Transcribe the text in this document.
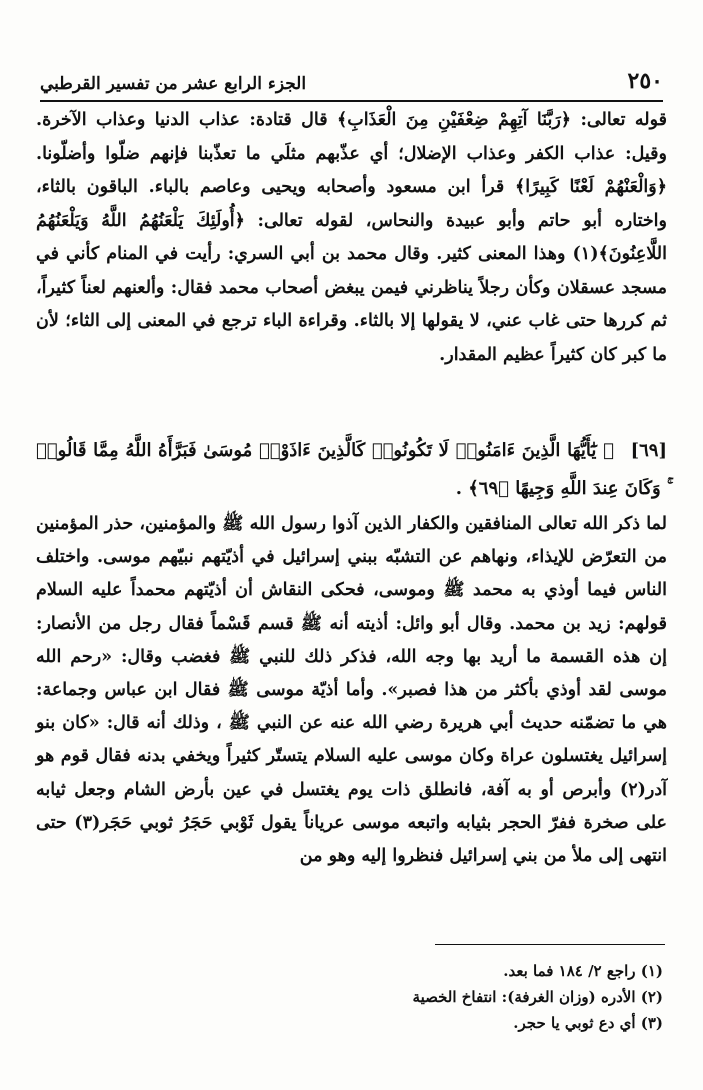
٢٥٠
الجزء الرابع عشر من تفسير القرطبي

قوله تعالى: ﴿رَبَّنَا آتِهِمْ ضِعْفَيْنِ مِنَ الْعَذَابِ﴾ قال قتادة: عذاب الدنيا وعذاب الآخرة. وقيل: عذاب الكفر وعذاب الإضلال؛ أي عذّبهم مثلَي ما تعذّبنا فإنهم ضلّوا وأضلّونا. ﴿وَالْعَنْهُمْ لَعْنًا كَبِيرًا﴾ قرأ ابن مسعود وأصحابه ويحيى وعاصم بالباء. الباقون بالثاء، واختاره أبو حاتم وأبو عبيدة والنحاس، لقوله تعالى: ﴿أُولَئِكَ يَلْعَنُهُمُ اللَّهُ وَيَلْعَنُهُمُ اللَّاعِنُونَ﴾(١) وهذا المعنى كثير. وقال محمد بن أبي السري: رأيت في المنام كأني في مسجد عسقلان وكأن رجلاً يناظرني فيمن يبغض أصحاب محمد فقال: وألعنهم لعناً كثيراً، ثم كررها حتى غاب عني، لا يقولها إلا بالثاء. وقراءة الباء ترجع في المعنى إلى الثاء؛ لأن ما كبر كان كثيراً عظيم المقدار.

[٦٩] ﴿ يَٰٓأَيُّهَا الَّذِينَ ءَامَنُوا۟ لَا تَكُونُوا۟ كَالَّذِينَ ءَاذَوْا۟ مُوسَىٰ فَبَرَّأَهُ اللَّهُ مِمَّا قَالُوا۟ ۚ وَكَانَ عِندَ اللَّهِ وَجِيهًا ﴿٦٩﴾ .

لما ذكر الله تعالى المنافقين والكفار الذين آذوا رسول الله ﷺ والمؤمنين، حذر المؤمنين من التعرّض للإيذاء، ونهاهم عن التشبّه ببني إسرائيل في أذيّتهم نبيّهم موسى. واختلف الناس فيما أوذي به محمد ﷺ وموسى، فحكى النقاش أن أذيّتهم محمداً عليه السلام قولهم: زيد بن محمد. وقال أبو وائل: أذيته أنه ﷺ قسم قَسْماً فقال رجل من الأنصار: إن هذه القسمة ما أريد بها وجه الله، فذكر ذلك للنبي ﷺ فغضب وقال: «رحم الله موسى لقد أوذي بأكثر من هذا فصبر». وأما أذيّة موسى ﷺ فقال ابن عباس وجماعة: هي ما تضمّنه حديث أبي هريرة رضي الله عنه عن النبي ﷺ ، وذلك أنه قال: «كان بنو إسرائيل يغتسلون عراة وكان موسى عليه السلام يتستّر كثيراً ويخفي بدنه فقال قوم هو آدر(٢) وأبرص أو به آفة، فانطلق ذات يوم يغتسل في عين بأرض الشام وجعل ثيابه على صخرة ففرّ الحجر بثيابه واتبعه موسى عرياناً يقول ثَوْبي حَجَرُ ثوبي حَجَر(٣) حتى انتهى إلى ملأ من بني إسرائيل فنظروا إليه وهو من

(١) راجع ٢/ ١٨٤ فما بعد.
(٢) الأدره (وزان الغرفة): انتفاخ الخصية
(٣) أي دع ثوبي يا حجر.
